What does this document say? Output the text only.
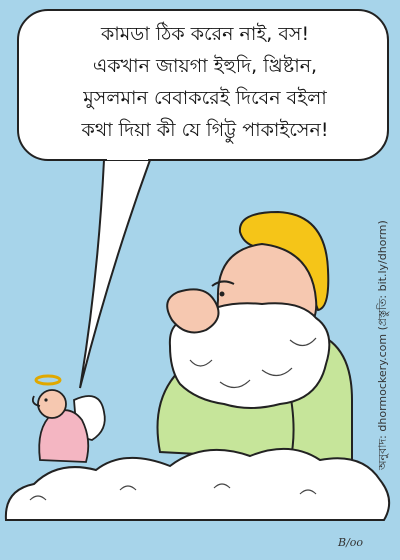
কামডা ঠিক করেন নাই, বস!
একখান জায়গা ইহুদি, খ্রিষ্টান,
মুসলমান বেবাকরেই দিবেন বইলা
কথা দিয়া কী যে গিট্টু পাকাইসেন!
অনুবাদ: dhormockery.com (প্রস্তুতি: bit.ly/dhorm)
B/oo
